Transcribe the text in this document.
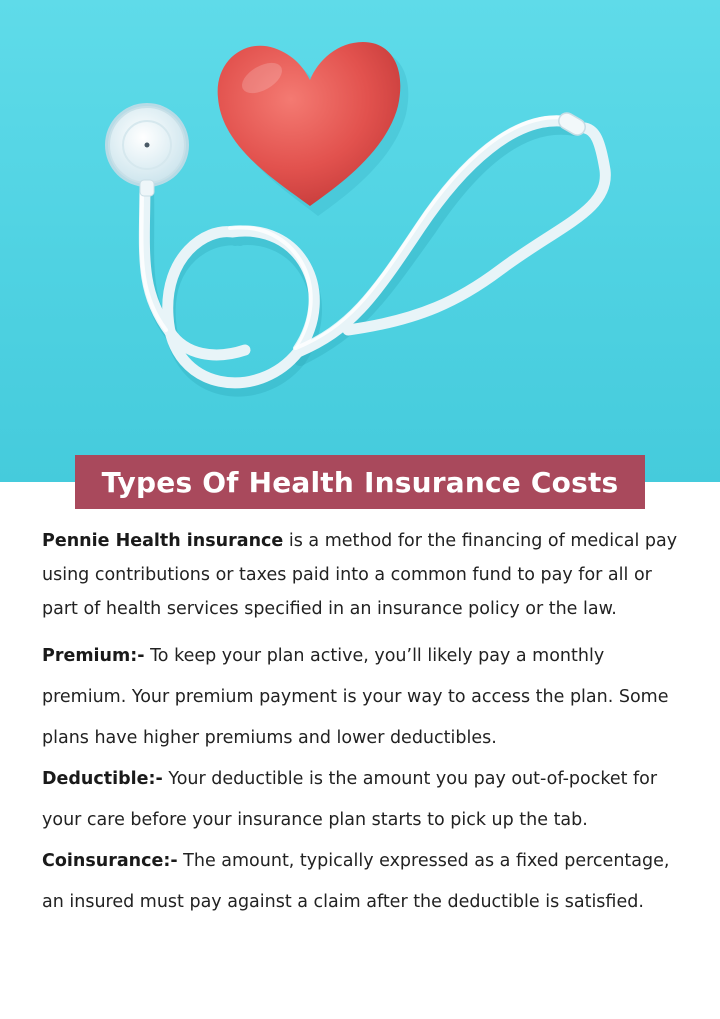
Types Of Health Insurance Costs

Pennie Health insurance is a method for the financing of medical pay using contributions or taxes paid into a common fund to pay for all or part of health services specified in an insurance policy or the law.

Premium:- To keep your plan active, you’ll likely pay a monthly premium. Your premium payment is your way to access the plan. Some plans have higher premiums and lower deductibles.

Deductible:- Your deductible is the amount you pay out-of-pocket for your care before your insurance plan starts to pick up the tab.

Coinsurance:- The amount, typically expressed as a fixed percentage, an insured must pay against a claim after the deductible is satisfied.
